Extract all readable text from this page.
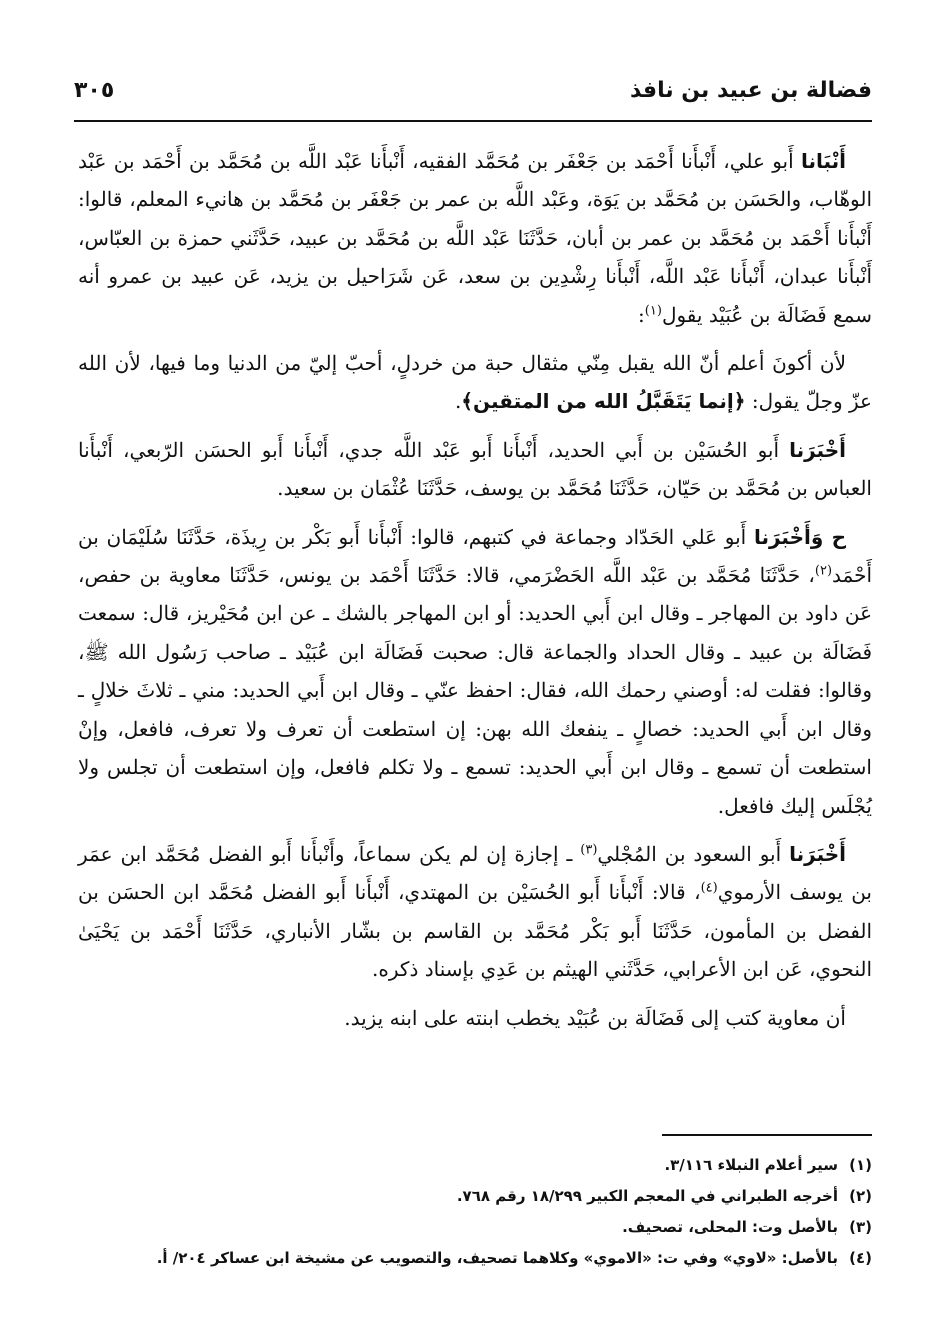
فضالة بن عبيد بن نافذ
٣٠٥

أَنْبَانا أَبو علي، أَنْبأَنا أَحْمَد بن جَعْفَر بن مُحَمَّد الفقيه، أَنْبأَنا عَبْد اللَّه بن مُحَمَّد بن أَحْمَد بن عَبْد الوهّاب، والحَسَن بن مُحَمَّد بن يَوَة، وعَبْد اللَّه بن عمر بن جَعْفَر بن مُحَمَّد بن هانيء المعلم، قالوا: أَنْبأَنا أَحْمَد بن مُحَمَّد بن عمر بن أبان، حَدَّثَنَا عَبْد اللَّه بن مُحَمَّد بن عبيد، حَدَّثَني حمزة بن العبّاس، أَنْبأَنا عبدان، أَنْبأَنا عَبْد اللَّه، أَنْبأَنا رِشْدِين بن سعد، عَن شَرَاحيل بن يزيد، عَن عبيد بن عمرو أنه سمع فَضَالَة بن عُبَيْد يقول$^{(١)}$:

لأن أكونَ أعلم أنّ الله يقبل مِنّي مثقال حبة من خردلٍ، أحبّ إليّ من الدنيا وما فيها، لأن الله عزّ وجلّ يقول: ﴿إنما يَتَقَبَّلُ الله من المتقين﴾.

أَخْبَرَنا أَبو الحُسَيْن بن أَبي الحديد، أَنْبأَنا أَبو عَبْد اللَّه جدي، أَنْبأَنا أَبو الحسَن الرّبعي، أَنْبأَنا العباس بن مُحَمَّد بن حَيّان، حَدَّثَنَا مُحَمَّد بن يوسف، حَدَّثَنَا عُثْمَان بن سعيد.

ح وَأَخْبَرَنا أَبو عَلي الحَدّاد وجماعة في كتبهم، قالوا: أَنْبأَنا أَبو بَكْر بن رِيذَة، حَدَّثَنَا سُلَيْمَان بن أَحْمَد$^{(٢)}$، حَدَّثَنَا مُحَمَّد بن عَبْد اللَّه الحَضْرَمي، قالا: حَدَّثَنَا أَحْمَد بن يونس، حَدَّثَنَا معاوية بن حفص، عَن داود بن المهاجر ـ وقال ابن أَبي الحديد: أو ابن المهاجر بالشك ـ عن ابن مُحَيْريز، قال: سمعت فَضَالَة بن عبيد ـ وقال الحداد والجماعة قال: صحبت فَضَالَة ابن عُبَيْد ـ صاحب رَسُول الله ﷺ، وقالوا: فقلت له: أوصني رحمك الله، فقال: احفظ عنّي ـ وقال ابن أَبي الحديد: مني ـ ثلاثَ خلالٍ ـ وقال ابن أَبي الحديد: خصالٍ ـ ينفعك الله بهن: إن استطعت أن تعرف ولا تعرف، فافعل، وإنْ استطعت أن تسمع ـ وقال ابن أَبي الحديد: تسمع ـ ولا تكلم فافعل، وإن استطعت أن تجلس ولا يُجْلَس إليك فافعل.

أَخْبَرَنا أَبو السعود بن المُجْلي$^{(٣)}$ ـ إجازة إن لم يكن سماعاً، وأَنْبأَنا أَبو الفضل مُحَمَّد ابن عمَر بن يوسف الأرموي$^{(٤)}$، قالا: أَنْبأَنا أَبو الحُسَيْن بن المهتدي، أَنْبأَنا أَبو الفضل مُحَمَّد ابن الحسَن بن الفضل بن المأمون، حَدَّثَنَا أَبو بَكْر مُحَمَّد بن القاسم بن بشّار الأنباري، حَدَّثَنَا أَحْمَد بن يَحْيَىٰ النحوي، عَن ابن الأعرابي، حَدَّثَني الهيثم بن عَدِي بإسناد ذكره.

أن معاوية كتب إلى فَضَالَة بن عُبَيْد يخطب ابنته على ابنه يزيد.

(١)سير أعلام النبلاء ٣/١١٦.
(٢)أخرجه الطبراني في المعجم الكبير ١٨/٢٩٩ رقم ٧٦٨.
(٣)بالأصل وت: المحلى، تصحيف.
(٤)بالأصل: «لاوي» وفي ت: «الاموي» وكلاهما تصحيف، والتصويب عن مشيخة ابن عساكر ٢٠٤/ أ.
